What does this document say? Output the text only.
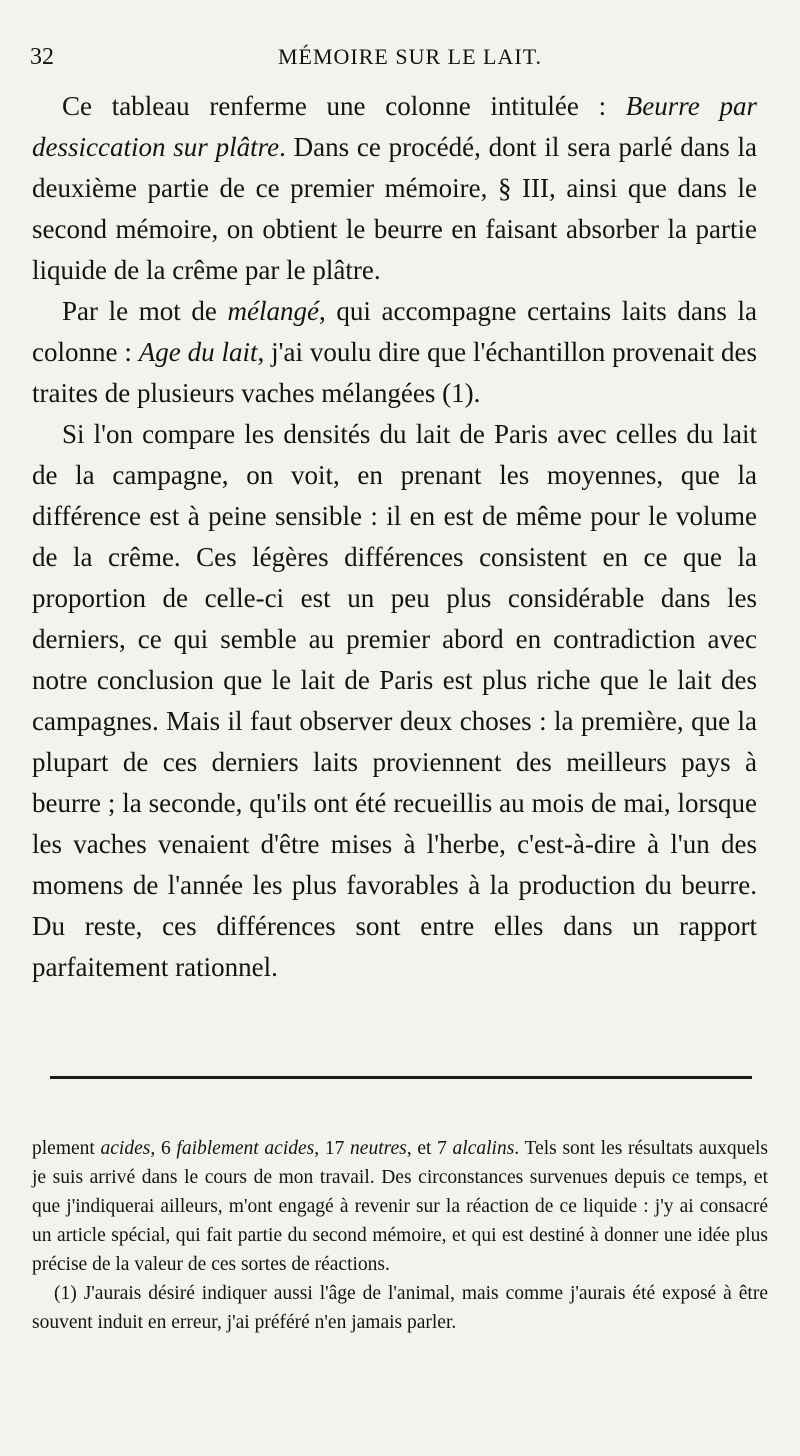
32	MÉMOIRE SUR LE LAIT.

Ce tableau renferme une colonne intitulée : Beurre par dessiccation sur plâtre. Dans ce procédé, dont il sera parlé dans la deuxième partie de ce premier mémoire, § III, ainsi que dans le second mémoire, on obtient le beurre en faisant absorber la partie liquide de la crême par le plâtre.

Par le mot de mélangé, qui accompagne certains laits dans la colonne : Age du lait, j'ai voulu dire que l'échantillon provenait des traites de plusieurs vaches mélangées (1).

Si l'on compare les densités du lait de Paris avec celles du lait de la campagne, on voit, en prenant les moyennes, que la différence est à peine sensible : il en est de même pour le volume de la crême. Ces légères différences consistent en ce que la proportion de celle-ci est un peu plus considérable dans les derniers, ce qui semble au premier abord en contradiction avec notre conclusion que le lait de Paris est plus riche que le lait des campagnes. Mais il faut observer deux choses : la première, que la plupart de ces derniers laits proviennent des meilleurs pays à beurre ; la seconde, qu'ils ont été recueillis au mois de mai, lorsque les vaches venaient d'être mises à l'herbe, c'est-à-dire à l'un des momens de l'année les plus favorables à la production du beurre. Du reste, ces différences sont entre elles dans un rapport parfaitement rationnel.

plement acides, 6 faiblement acides, 17 neutres, et 7 alcalins. Tels sont les résultats auxquels je suis arrivé dans le cours de mon travail. Des circonstances survenues depuis ce temps, et que j'indiquerai ailleurs, m'ont engagé à revenir sur la réaction de ce liquide : j'y ai consacré un article spécial, qui fait partie du second mémoire, et qui est destiné à donner une idée plus précise de la valeur de ces sortes de réactions.

(1) J'aurais désiré indiquer aussi l'âge de l'animal, mais comme j'aurais été exposé à être souvent induit en erreur, j'ai préféré n'en jamais parler.
